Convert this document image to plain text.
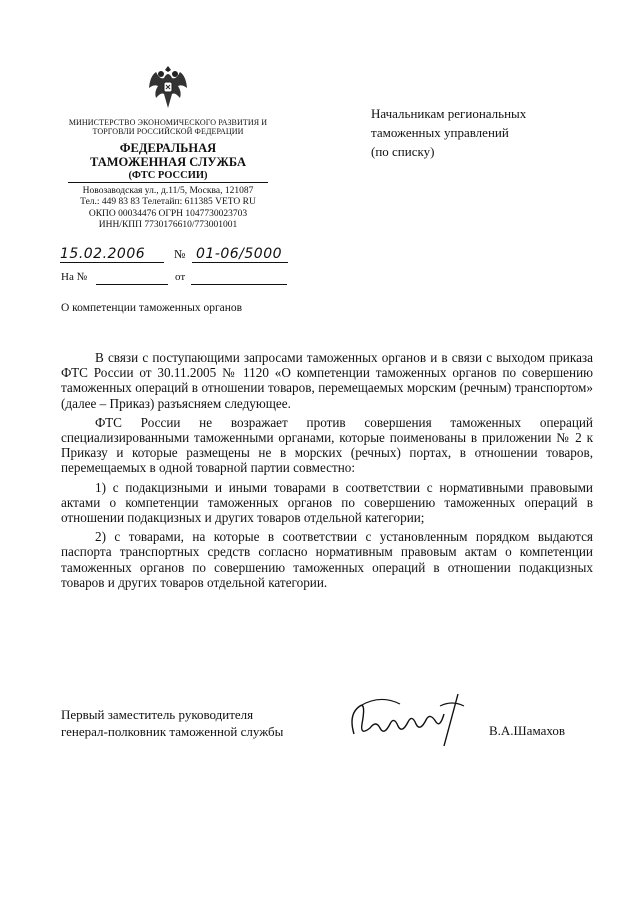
МИНИСТЕРСТВО ЭКОНОМИЧЕСКОГО РАЗВИТИЯ И ТОРГОВЛИ РОССИЙСКОЙ ФЕДЕРАЦИИ
ФЕДЕРАЛЬНАЯ
ТАМОЖЕННАЯ СЛУЖБА
(ФТС РОССИИ)
Новозаводская ул., д.11/5, Москва, 121087
Тел.: 449 83 83 Телетайп: 611385 VETO RU
ОКПО 00034476 ОГРН 1047730023703
ИНН/КПП 7730176610/773001001
15.02.2006 № 01-06/5000
На №	от
О компетенции таможенных органов
Начальникам региональных
таможенных управлений
(по списку)

В связи с поступающими запросами таможенных органов и в связи с выходом приказа ФТС России от 30.11.2005 № 1120 «О компетенции таможенных органов по совершению таможенных операций в отношении товаров, перемещаемых морским (речным) транспортом» (далее – Приказ) разъясняем следующее.

ФТС России не возражает против совершения таможенных операций специализированными таможенными органами, которые поименованы в приложении № 2 к Приказу и которые размещены не в морских (речных) портах, в отношении товаров, перемещаемых в одной товарной партии совместно:

1) с подакцизными и иными товарами в соответствии с нормативными правовыми актами о компетенции таможенных органов по совершению таможенных операций в отношении подакцизных и других товаров отдельной категории;

2) с товарами, на которые в соответствии с установленным порядком выдаются паспорта транспортных средств согласно нормативным правовым актам о компетенции таможенных органов по совершению таможенных операций в отношении подакцизных товаров и других товаров отдельной категории.

Первый заместитель руководителя
генерал-полковник таможенной службы	В.А.Шамахов
